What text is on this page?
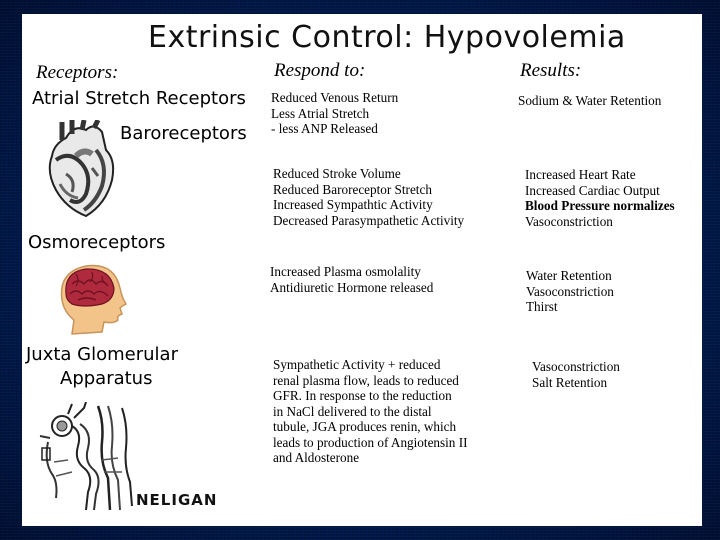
Extrinsic Control: Hypovolemia
Receptors:	Respond to:	Results:
Atrial Stretch Receptors
Baroreceptors
Osmoreceptors
Juxta Glomerular
Apparatus
Reduced Venous Return
Less Atrial Stretch
- less ANP Released
Reduced Stroke Volume
Reduced Baroreceptor Stretch
Increased Sympathtic Activity
Decreased Parasympathetic Activity
Increased Plasma osmolality
Antidiuretic Hormone released
Sympathetic Activity + reduced
renal plasma flow, leads to reduced
GFR. In response to the reduction
in NaCl delivered to the distal
tubule, JGA produces renin, which
leads to production of Angiotensin II
and Aldosterone
Sodium & Water Retention
Increased Heart Rate
Increased Cardiac Output
Blood Pressure normalizes
Vasoconstriction
Water Retention
Vasoconstriction
Thirst
Vasoconstriction
Salt Retention
NELIGAN
